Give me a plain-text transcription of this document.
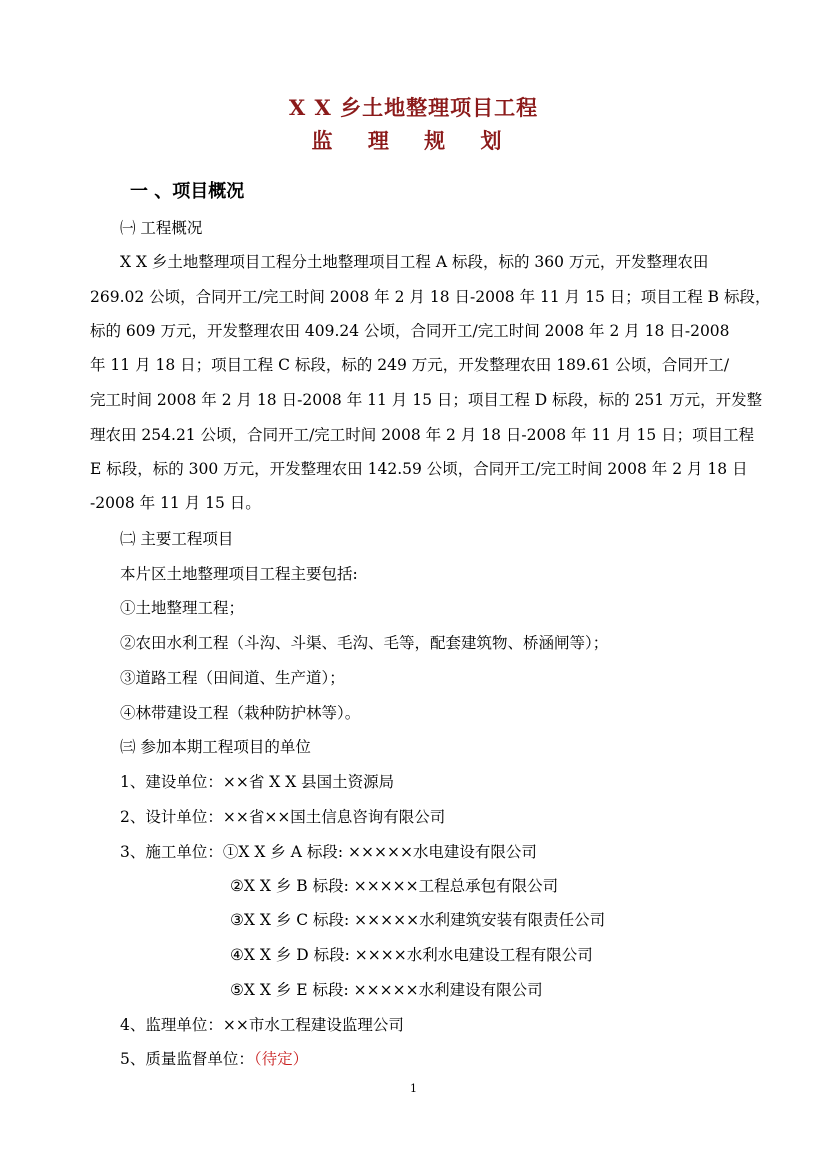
X X 乡土地整理项目工程
监 理 规 划
一 、项目概况

㈠ 工程概况

X X 乡土地整理项目工程分土地整理项目工程 A 标段，标的 360 万元，开发整理农田

269.02 公顷，合同开工/完工时间 2008 年 2 月 18 日-2008 年 11 月 15 日；项目工程 B 标段，

标的 609 万元，开发整理农田 409.24 公顷，合同开工/完工时间 2008 年 2 月 18 日-2008

年 11 月 18 日；项目工程 C 标段，标的 249 万元，开发整理农田 189.61 公顷，合同开工/

完工时间 2008 年 2 月 18 日-2008 年 11 月 15 日；项目工程 D 标段，标的 251 万元，开发整

理农田 254.21 公顷，合同开工/完工时间 2008 年 2 月 18 日-2008 年 11 月 15 日；项目工程

E 标段，标的 300 万元，开发整理农田 142.59 公顷，合同开工/完工时间 2008 年 2 月 18 日

-2008 年 11 月 15 日。

㈡ 主要工程项目

本片区土地整理项目工程主要包括:

①土地整理工程；

②农田水利工程（斗沟、斗渠、毛沟、毛等，配套建筑物、桥涵闸等）；

③道路工程（田间道、生产道）；

④林带建设工程（栽种防护林等）。

㈢ 参加本期工程项目的单位

1、建设单位：××省 X X 县国土资源局

2、设计单位：××省××国土信息咨询有限公司

3、施工单位：①X X 乡 A 标段: ×××××水电建设有限公司

②X X 乡 B 标段: ×××××工程总承包有限公司

③X X 乡 C 标段: ×××××水利建筑安装有限责任公司

④X X 乡 D 标段: ××××水利水电建设工程有限公司

⑤X X 乡 E 标段: ×××××水利建设有限公司

4、监理单位：××市水工程建设监理公司

5、质量监督单位：（待定）

1
